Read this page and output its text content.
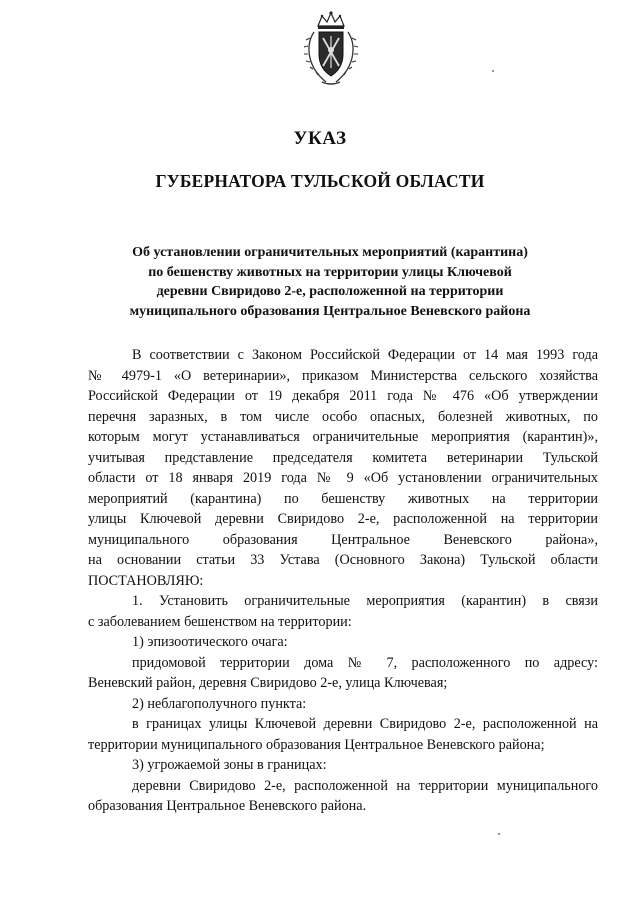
УКАЗ
ГУБЕРНАТОРА ТУЛЬСКОЙ ОБЛАСТИ
Об установлении ограничительных мероприятий (карантина)
по бешенству животных на территории улицы Ключевой
деревни Свиридово 2-е, расположенной на территории
муниципального образования Центральное Веневского района

В соответствии с Законом Российской Федерации от 14 мая 1993 года

№ 4979-1 «О ветеринарии», приказом Министерства сельского хозяйства

Российской Федерации от 19 декабря 2011 года № 476 «Об утверждении

перечня заразных, в том числе особо опасных, болезней животных, по

которым могут устанавливаться ограничительные мероприятия (карантин)»,

учитывая представление председателя комитета ветеринарии Тульской

области от 18 января 2019 года № 9 «Об установлении ограничительных

мероприятий (карантина) по бешенству животных на территории

улицы Ключевой деревни Свиридово 2-е, расположенной на территории

муниципального образования Центральное Веневского района»,

на основании статьи 33 Устава (Основного Закона) Тульской области

ПОСТАНОВЛЯЮ:

1. Установить ограничительные мероприятия (карантин) в связи

с заболеванием бешенством на территории:

1) эпизоотического очага:

придомовой территории дома № 7, расположенного по адресу:

Веневский район, деревня Свиридово 2-е, улица Ключевая;

2) неблагополучного пункта:

в границах улицы Ключевой деревни Свиридово 2-е, расположенной на

территории муниципального образования Центральное Веневского района;

3) угрожаемой зоны в границах:

деревни Свиридово 2-е, расположенной на территории муниципального

образования Центральное Веневского района.
